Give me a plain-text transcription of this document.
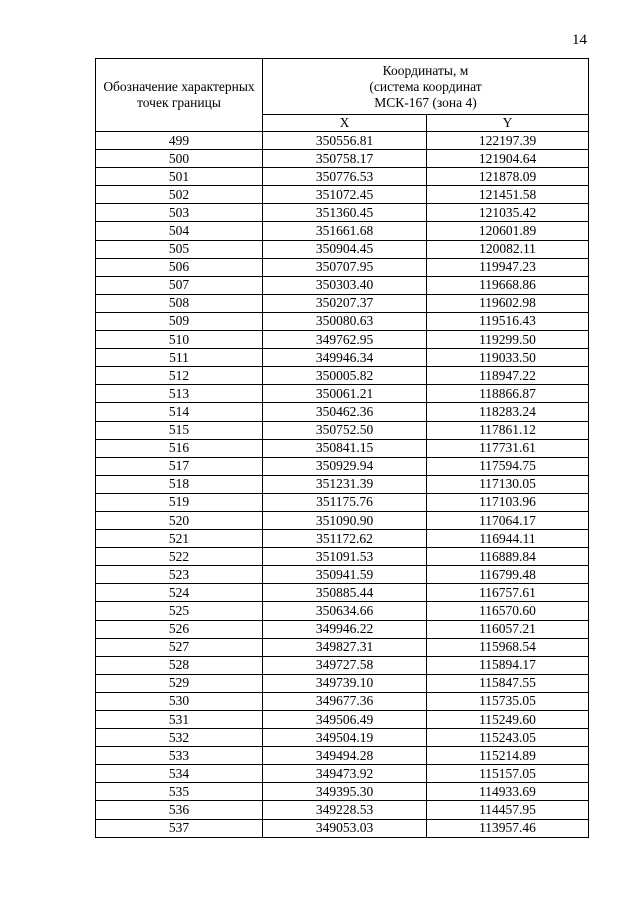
14
Обозначение характерных точек границы	Координаты, м
(система координат
МСК-167 (зона 4)	
	X	Y
499	350556.81	122197.39
500	350758.17	121904.64
501	350776.53	121878.09
502	351072.45	121451.58
503	351360.45	121035.42
504	351661.68	120601.89
505	350904.45	120082.11
506	350707.95	119947.23
507	350303.40	119668.86
508	350207.37	119602.98
509	350080.63	119516.43
510	349762.95	119299.50
511	349946.34	119033.50
512	350005.82	118947.22
513	350061.21	118866.87
514	350462.36	118283.24
515	350752.50	117861.12
516	350841.15	117731.61
517	350929.94	117594.75
518	351231.39	117130.05
519	351175.76	117103.96
520	351090.90	117064.17
521	351172.62	116944.11
522	351091.53	116889.84
523	350941.59	116799.48
524	350885.44	116757.61
525	350634.66	116570.60
526	349946.22	116057.21
527	349827.31	115968.54
528	349727.58	115894.17
529	349739.10	115847.55
530	349677.36	115735.05
531	349506.49	115249.60
532	349504.19	115243.05
533	349494.28	115214.89
534	349473.92	115157.05
535	349395.30	114933.69
536	349228.53	114457.95
537	349053.03	113957.46
